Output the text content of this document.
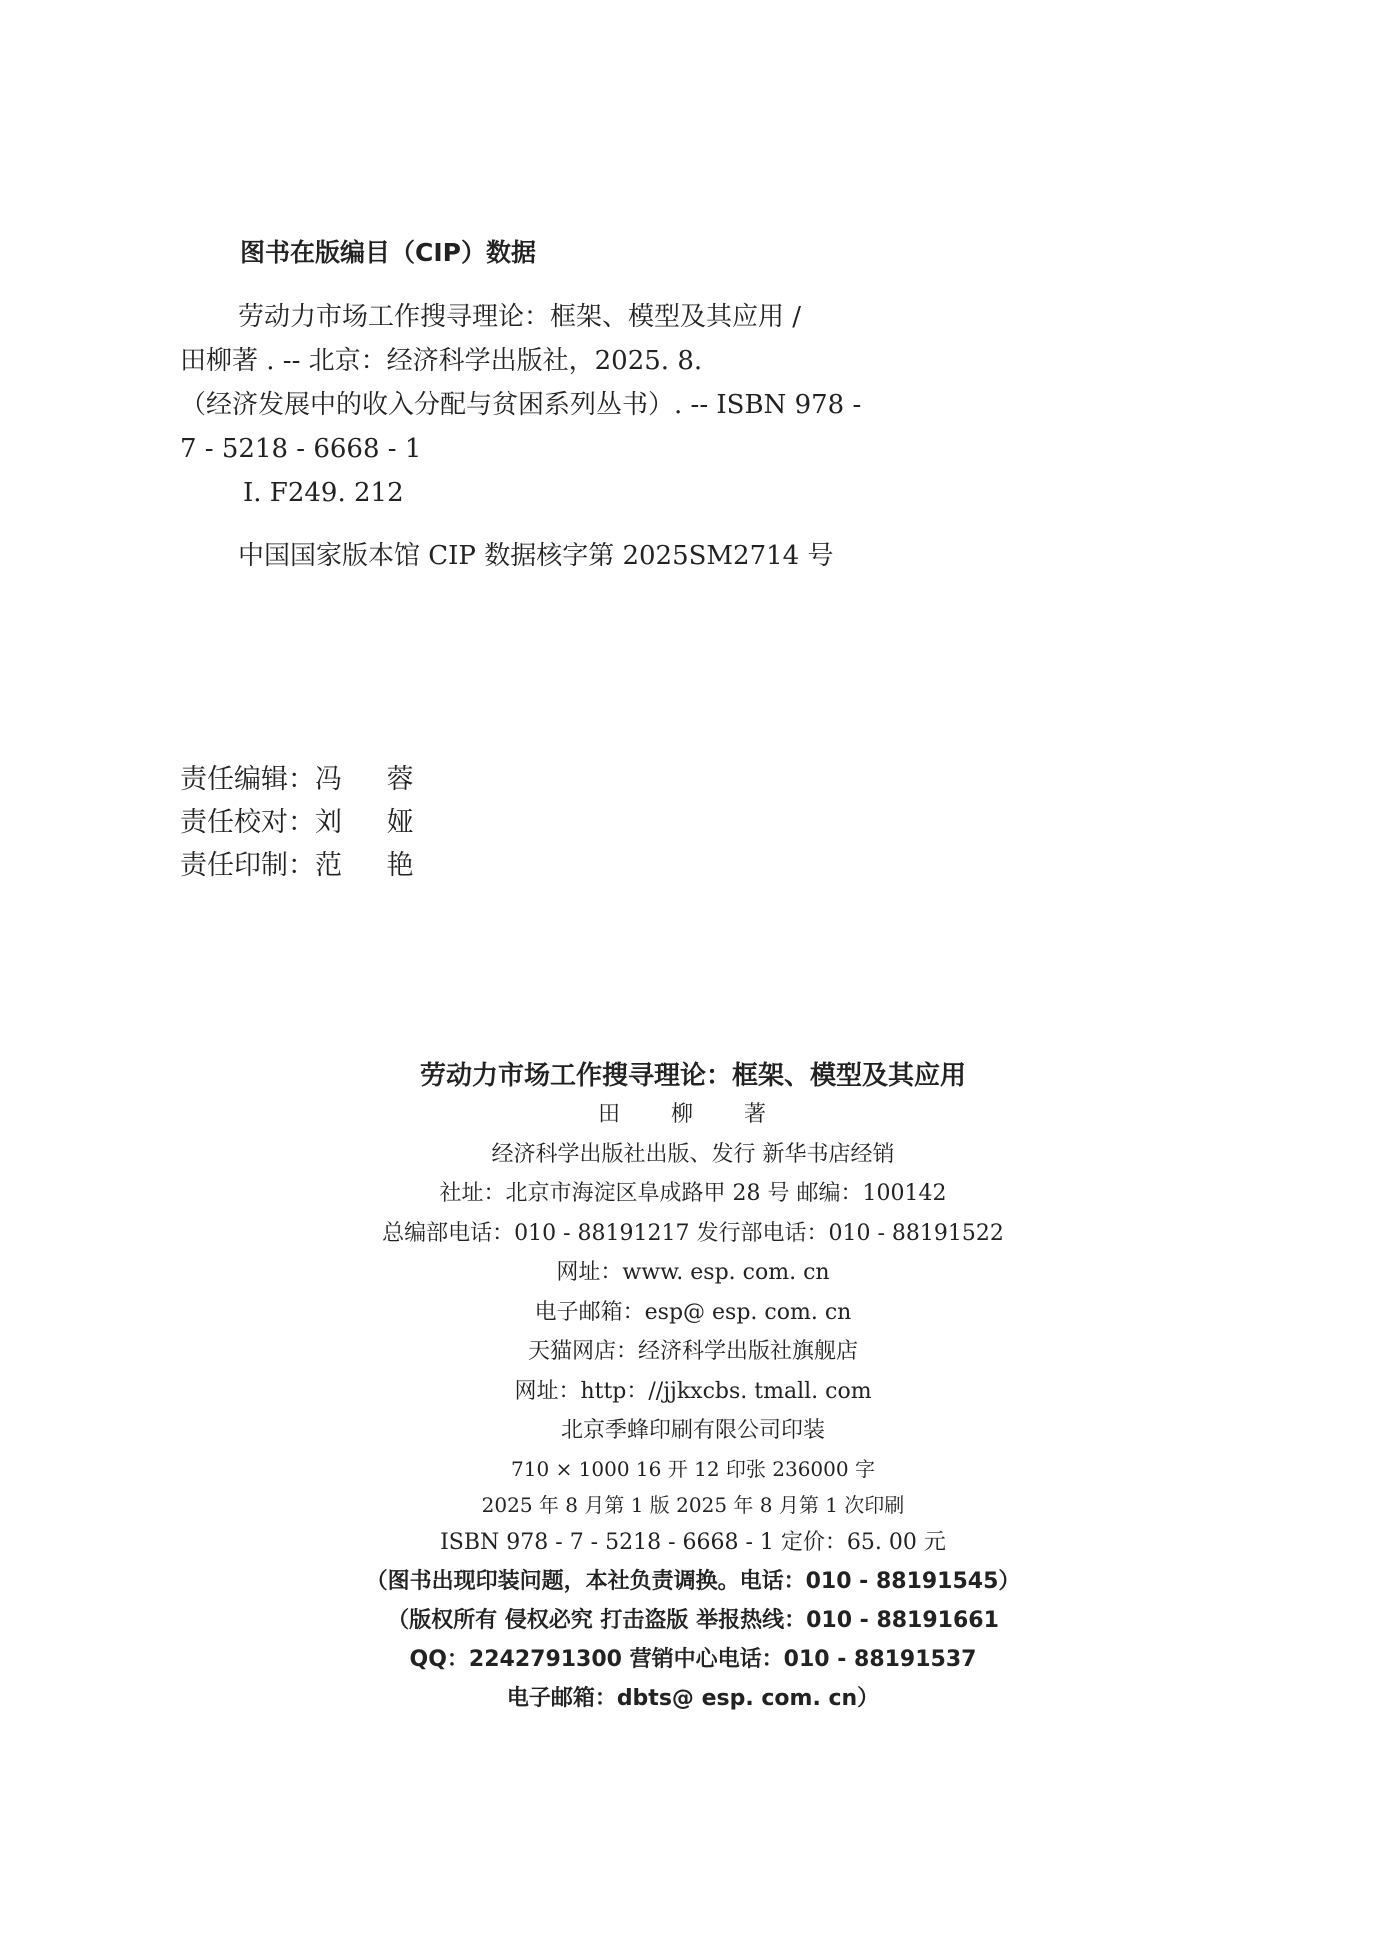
图书在版编目（CIP）数据
劳动力市场工作搜寻理论：框架、模型及其应用 /
田柳著 . -- 北京：经济科学出版社，2025. 8.
（经济发展中的收入分配与贫困系列丛书）. -- ISBN 978 -
7 - 5218 - 6668 - 1
Ⅰ. F249. 212
中国国家版本馆 CIP 数据核字第 2025SM2714 号
责任编辑：冯 蓉
责任校对：刘 娅
责任印制：范 艳
劳动力市场工作搜寻理论：框架、模型及其应用
田 柳 著
经济科学出版社出版、发行 新华书店经销
社址：北京市海淀区阜成路甲 28 号 邮编：100142
总编部电话：010 - 88191217 发行部电话：010 - 88191522
网址：www. esp. com. cn
电子邮箱：esp@ esp. com. cn
天猫网店：经济科学出版社旗舰店
网址：http：//jjkxcbs. tmall. com
北京季蜂印刷有限公司印装
710 × 1000 16 开 12 印张 236000 字
2025 年 8 月第 1 版 2025 年 8 月第 1 次印刷
ISBN 978 - 7 - 5218 - 6668 - 1 定价：65. 00 元
（图书出现印装问题，本社负责调换。电话：010 - 88191545）
（版权所有 侵权必究 打击盗版 举报热线：010 - 88191661
QQ：2242791300 营销中心电话：010 - 88191537
电子邮箱：dbts@ esp. com. cn）
